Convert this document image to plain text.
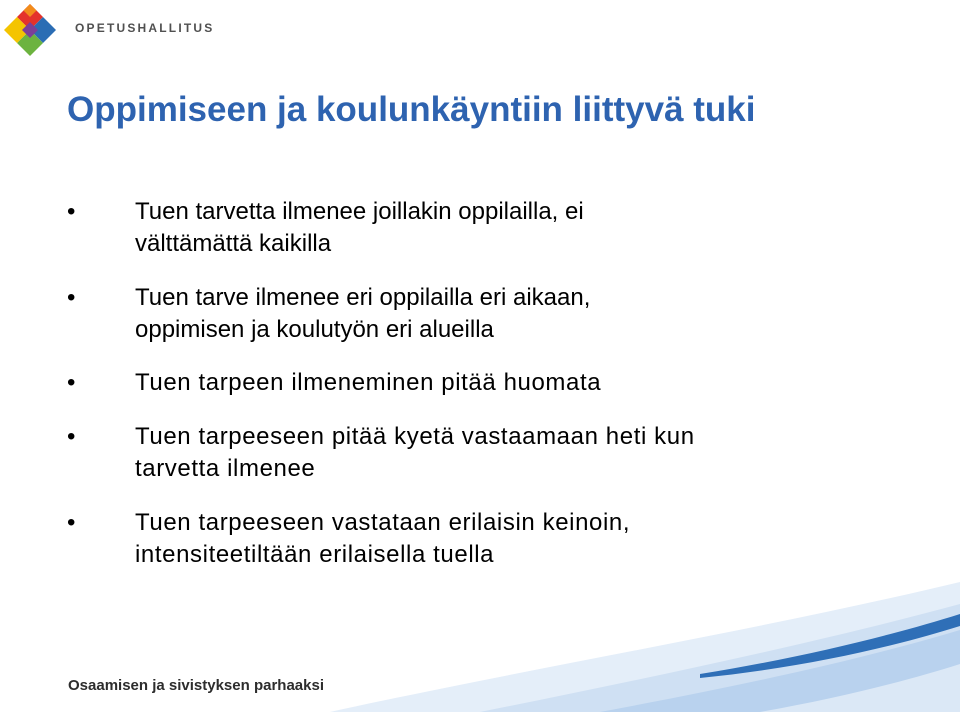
OPETUSHALLITUS
Oppimiseen ja koulunkäyntiin liittyvä tuki
• Tuen tarvetta ilmenee joillakin oppilailla, ei
välttämättä kaikilla
• Tuen tarve ilmenee eri oppilailla eri aikaan,
oppimisen ja koulutyön eri alueilla
• Tuen tarpeen ilmeneminen pitää huomata
• Tuen tarpeeseen pitää kyetä vastaamaan heti kun
tarvetta ilmenee
• Tuen tarpeeseen vastataan erilaisin keinoin,
intensiteetiltään erilaisella tuella
Osaamisen ja sivistyksen parhaaksi
